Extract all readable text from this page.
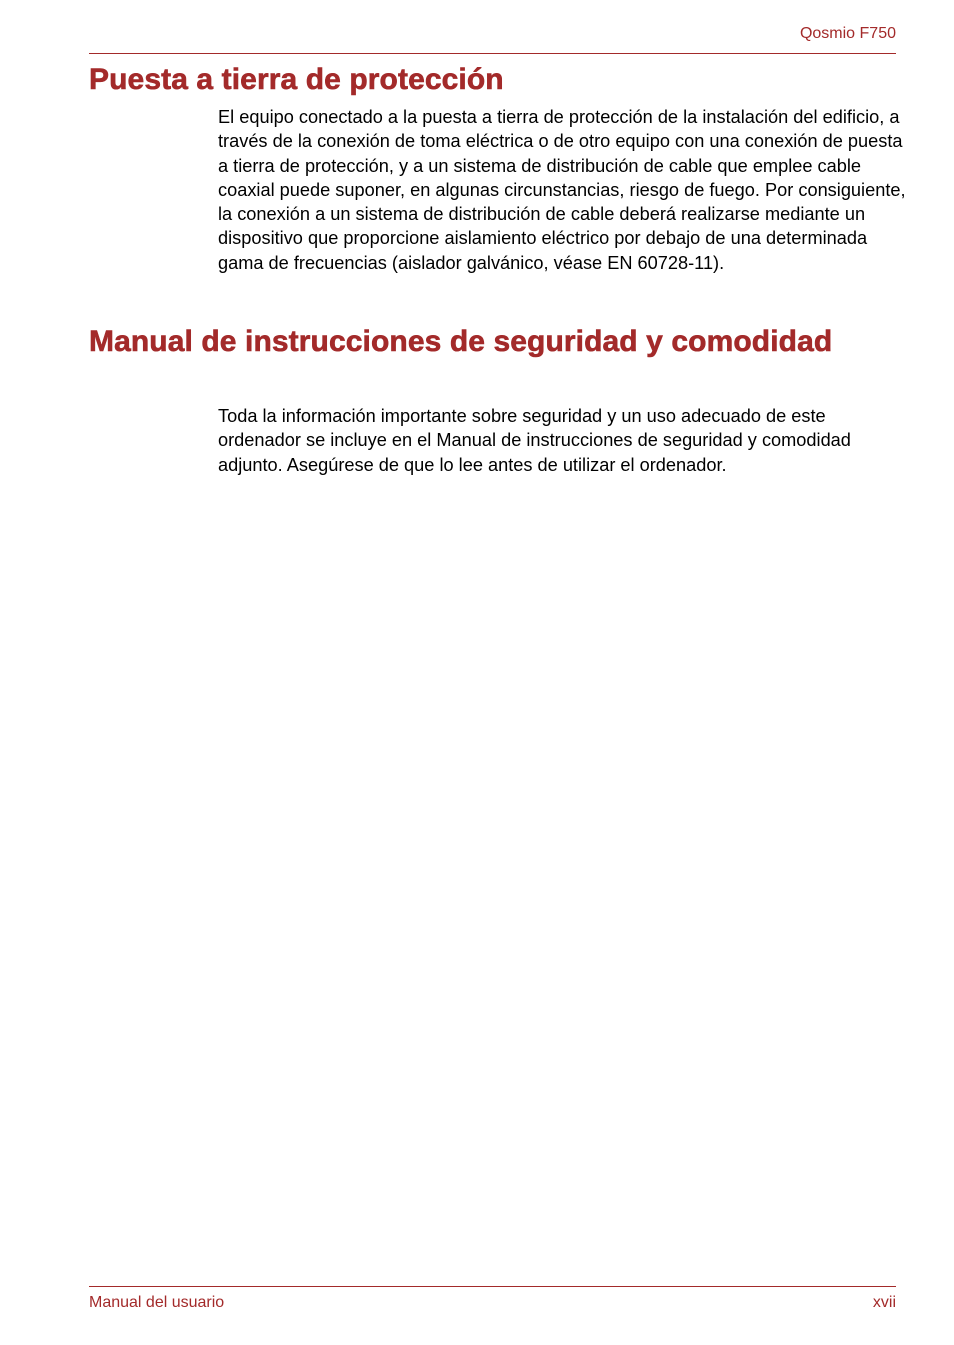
Qosmio F750
Puesta a tierra de protección

El equipo conectado a la puesta a tierra de protección de la instalación del edificio, a través de la conexión de toma eléctrica o de otro equipo con una conexión de puesta a tierra de protección, y a un sistema de distribución de cable que emplee cable coaxial puede suponer, en algunas circunstancias, riesgo de fuego. Por consiguiente, la conexión a un sistema de distribución de cable deberá realizarse mediante un dispositivo que proporcione aislamiento eléctrico por debajo de una determinada gama de frecuencias (aislador galvánico, véase EN 60728-11).

Manual de instrucciones de seguridad y comodidad

Toda la información importante sobre seguridad y un uso adecuado de este ordenador se incluye en el Manual de instrucciones de seguridad y comodidad adjunto. Asegúrese de que lo lee antes de utilizar el ordenador.

Manual del usuario	xvii
